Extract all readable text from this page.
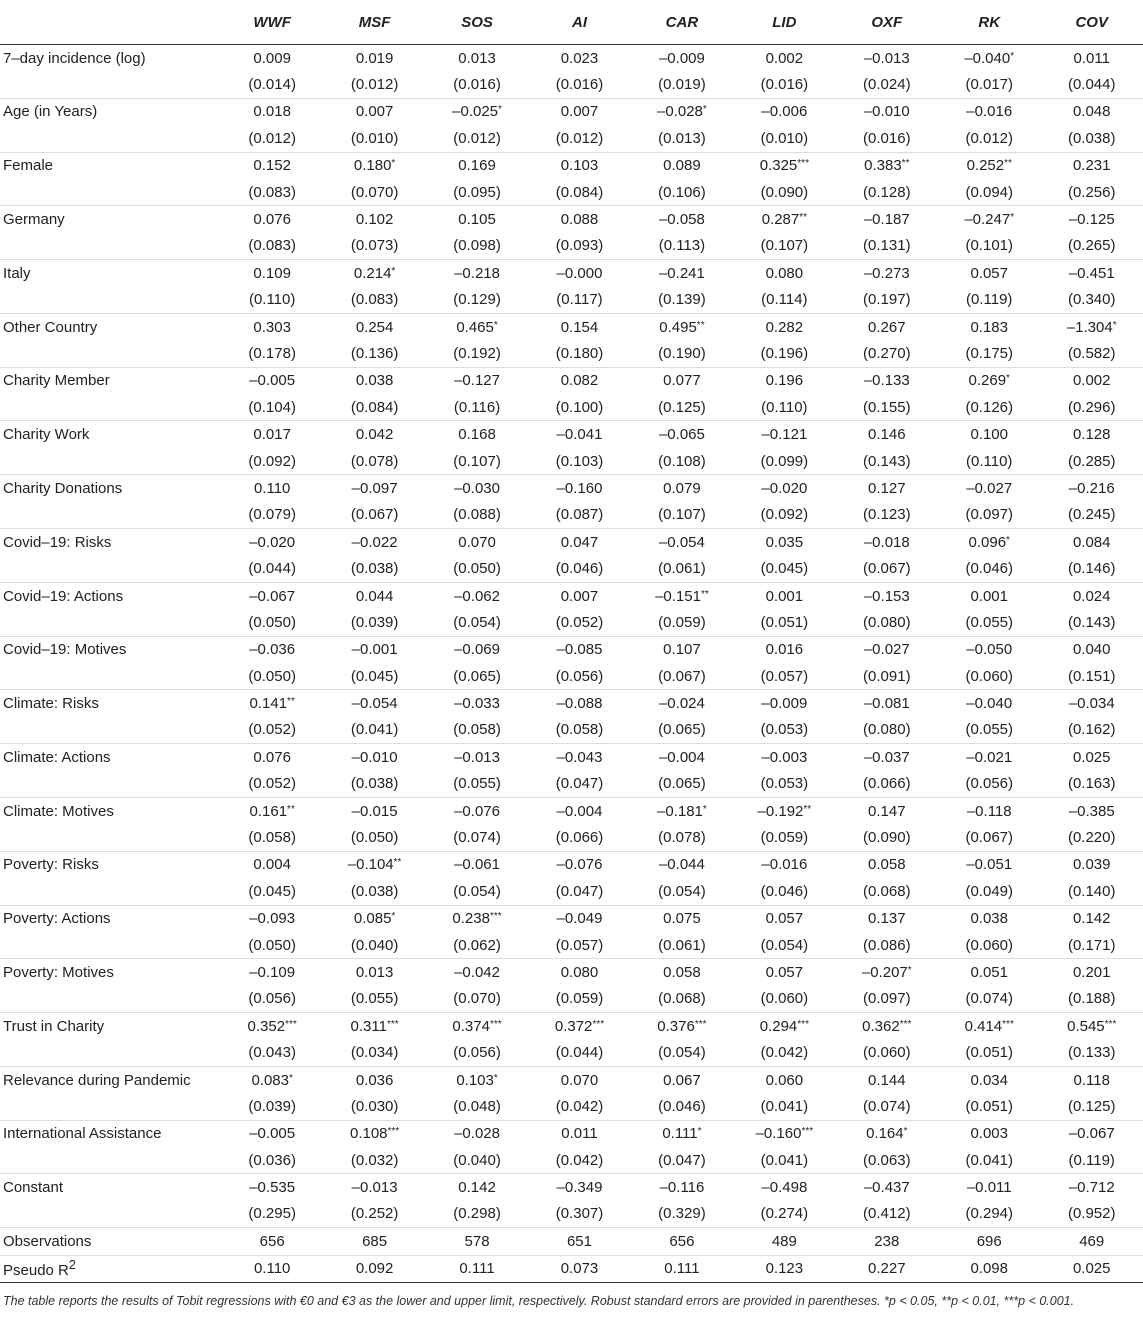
	WWF	MSF	SOS	AI	CAR	LID	OXF	RK	COV
7–day incidence (log)	0.009	0.019	0.013	0.023	–0.009	0.002	–0.013	–0.040*	0.011
	(0.014)	(0.012)	(0.016)	(0.016)	(0.019)	(0.016)	(0.024)	(0.017)	(0.044)
Age (in Years)	0.018	0.007	–0.025*	0.007	–0.028*	–0.006	–0.010	–0.016	0.048
	(0.012)	(0.010)	(0.012)	(0.012)	(0.013)	(0.010)	(0.016)	(0.012)	(0.038)
Female	0.152	0.180*	0.169	0.103	0.089	0.325***	0.383**	0.252**	0.231
	(0.083)	(0.070)	(0.095)	(0.084)	(0.106)	(0.090)	(0.128)	(0.094)	(0.256)
Germany	0.076	0.102	0.105	0.088	–0.058	0.287**	–0.187	–0.247*	–0.125
	(0.083)	(0.073)	(0.098)	(0.093)	(0.113)	(0.107)	(0.131)	(0.101)	(0.265)
Italy	0.109	0.214*	–0.218	–0.000	–0.241	0.080	–0.273	0.057	–0.451
	(0.110)	(0.083)	(0.129)	(0.117)	(0.139)	(0.114)	(0.197)	(0.119)	(0.340)
Other Country	0.303	0.254	0.465*	0.154	0.495**	0.282	0.267	0.183	–1.304*
	(0.178)	(0.136)	(0.192)	(0.180)	(0.190)	(0.196)	(0.270)	(0.175)	(0.582)
Charity Member	–0.005	0.038	–0.127	0.082	0.077	0.196	–0.133	0.269*	0.002
	(0.104)	(0.084)	(0.116)	(0.100)	(0.125)	(0.110)	(0.155)	(0.126)	(0.296)
Charity Work	0.017	0.042	0.168	–0.041	–0.065	–0.121	0.146	0.100	0.128
	(0.092)	(0.078)	(0.107)	(0.103)	(0.108)	(0.099)	(0.143)	(0.110)	(0.285)
Charity Donations	0.110	–0.097	–0.030	–0.160	0.079	–0.020	0.127	–0.027	–0.216
	(0.079)	(0.067)	(0.088)	(0.087)	(0.107)	(0.092)	(0.123)	(0.097)	(0.245)
Covid–19: Risks	–0.020	–0.022	0.070	0.047	–0.054	0.035	–0.018	0.096*	0.084
	(0.044)	(0.038)	(0.050)	(0.046)	(0.061)	(0.045)	(0.067)	(0.046)	(0.146)
Covid–19: Actions	–0.067	0.044	–0.062	0.007	–0.151**	0.001	–0.153	0.001	0.024
	(0.050)	(0.039)	(0.054)	(0.052)	(0.059)	(0.051)	(0.080)	(0.055)	(0.143)
Covid–19: Motives	–0.036	–0.001	–0.069	–0.085	0.107	0.016	–0.027	–0.050	0.040
	(0.050)	(0.045)	(0.065)	(0.056)	(0.067)	(0.057)	(0.091)	(0.060)	(0.151)
Climate: Risks	0.141**	–0.054	–0.033	–0.088	–0.024	–0.009	–0.081	–0.040	–0.034
	(0.052)	(0.041)	(0.058)	(0.058)	(0.065)	(0.053)	(0.080)	(0.055)	(0.162)
Climate: Actions	0.076	–0.010	–0.013	–0.043	–0.004	–0.003	–0.037	–0.021	0.025
	(0.052)	(0.038)	(0.055)	(0.047)	(0.065)	(0.053)	(0.066)	(0.056)	(0.163)
Climate: Motives	0.161**	–0.015	–0.076	–0.004	–0.181*	–0.192**	0.147	–0.118	–0.385
	(0.058)	(0.050)	(0.074)	(0.066)	(0.078)	(0.059)	(0.090)	(0.067)	(0.220)
Poverty: Risks	0.004	–0.104**	–0.061	–0.076	–0.044	–0.016	0.058	–0.051	0.039
	(0.045)	(0.038)	(0.054)	(0.047)	(0.054)	(0.046)	(0.068)	(0.049)	(0.140)
Poverty: Actions	–0.093	0.085*	0.238***	–0.049	0.075	0.057	0.137	0.038	0.142
	(0.050)	(0.040)	(0.062)	(0.057)	(0.061)	(0.054)	(0.086)	(0.060)	(0.171)
Poverty: Motives	–0.109	0.013	–0.042	0.080	0.058	0.057	–0.207*	0.051	0.201
	(0.056)	(0.055)	(0.070)	(0.059)	(0.068)	(0.060)	(0.097)	(0.074)	(0.188)
Trust in Charity	0.352***	0.311***	0.374***	0.372***	0.376***	0.294***	0.362***	0.414***	0.545***
	(0.043)	(0.034)	(0.056)	(0.044)	(0.054)	(0.042)	(0.060)	(0.051)	(0.133)
Relevance during Pandemic	0.083*	0.036	0.103*	0.070	0.067	0.060	0.144	0.034	0.118
	(0.039)	(0.030)	(0.048)	(0.042)	(0.046)	(0.041)	(0.074)	(0.051)	(0.125)
International Assistance	–0.005	0.108***	–0.028	0.011	0.111*	–0.160***	0.164*	0.003	–0.067
	(0.036)	(0.032)	(0.040)	(0.042)	(0.047)	(0.041)	(0.063)	(0.041)	(0.119)
Constant	–0.535	–0.013	0.142	–0.349	–0.116	–0.498	–0.437	–0.011	–0.712
	(0.295)	(0.252)	(0.298)	(0.307)	(0.329)	(0.274)	(0.412)	(0.294)	(0.952)
Observations	656	685	578	651	656	489	238	696	469
Pseudo $R^2$	0.110	0.092	0.111	0.073	0.111	0.123	0.227	0.098	0.025
The table reports the results of Tobit regressions with €0 and €3 as the lower and upper limit, respectively. Robust standard errors are provided in parentheses. *p < 0.05, **p < 0.01, ***p < 0.001.
